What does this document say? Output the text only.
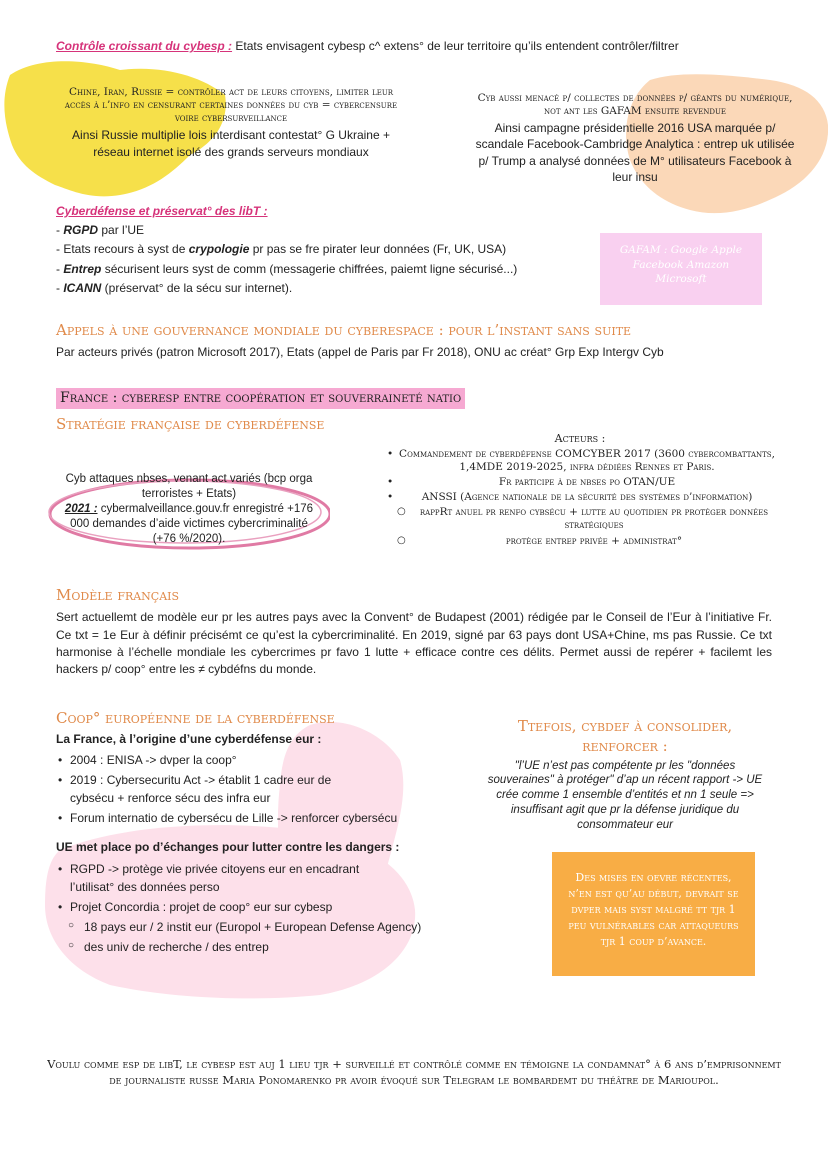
Contrôle croissant du cybesp : Etats envisagent cybesp c^ extens° de leur territoire qu’ils entendent contrôler/filtrer
Chine, Iran, Russie = contrôler act de leurs citoyens, limiter leur accès à l’info en censurant certaines données du cyb = cybercensure voire cybersurveillance
Ainsi Russie multiplie lois interdisant contestat° G Ukraine + réseau internet isolé des grands serveurs mondiaux
Cyb aussi menacé p/ collectes de données p/ géants du numérique, not ant les GAFAM ensuite revendue
Ainsi campagne présidentielle 2016 USA marquée p/ scandale Facebook-Cambridge Analytica : entrep uk utilisée p/ Trump a analysé données de M° utilisateurs Facebook à leur insu
Cyberdéfense et préservat° des libT :
- RGPD par l’UE
- Etats recours à syst de crypologie pr pas se fre pirater leur données (Fr, UK, USA)
- Entrep sécurisent leurs syst de comm (messagerie chiffrées, paiemt ligne sécurisé...)
- ICANN (préservat° de la sécu sur internet).
GAFAM : Google Apple Facebook Amazon Microsoft
Appels à une gouvernance mondiale du cyberespace : pour l’instant sans suite
Par acteurs privés (patron Microsoft 2017), Etats (appel de Paris par Fr 2018), ONU ac créat° Grp Exp Intergv Cyb
France : cyberesp entre coopération et souverraineté natio
Stratégie française de cyberdéfense
Cyb attaques nbses, venant act variés (bcp orga terroristes + Etats)
2021 : cybermalveillance.gouv.fr enregistré +176 000 demandes d’aide victimes cybercriminalité (+76 %/2020).
Acteurs :
• Commandement de cyberdéfense COMCYBER 2017 (3600 cybercombattants, 1,4MDE 2019-2025, infra dédiées Rennes et Paris.
• Fr participe à de nbses po OTAN/UE
• ANSSI (Agence nationale de la sécurité des systèmes d’information)
○ rappRt anuel pr renfo cybsécu + lutte au quotidien pr protéger données stratégiques
○ protège entrep privée + administrat°
Modèle français
Sert actuellemt de modèle eur pr les autres pays avec la Convent° de Budapest (2001) rédigée par le Conseil de l’Eur à l’initiative Fr. Ce txt = 1e Eur à définir précisémt ce qu’est la cybercriminalité. En 2019, signé par 63 pays dont USA+Chine, ms pas Russie. Ce txt harmonise à l’échelle mondiale les cybercrimes pr favo 1 lutte + efficace contre ces délits. Permet aussi de repérer + facilemt les hackers p/ coop° entre les ≠ cybdéfns du monde.
Coop° européenne de la cyberdéfense
La France, à l’origine d’une cyberdéfense eur :
• 2004 : ENISA -> dvper la coop°
• 2019 : Cybersecuritu Act -> établit 1 cadre eur de cybsécu + renforce sécu des infra eur
• Forum internatio de cybersécu de Lille -> renforcer cybersécu
UE met place po d’échanges pour lutter contre les dangers :
• RGPD -> protège vie privée citoyens eur en encadrant l’utilisat° des données perso
• Projet Concordia : projet de coop° eur sur cybesp
○ 18 pays eur / 2 instit eur (Europol + European Defense Agency)
○ des univ de recherche / des entrep
Ttefois, cybdef à consolider, renforcer :
"l’UE n’est pas compétente pr les "données souveraines" à protéger" d’ap un récent rapport -> UE crée comme 1 ensemble d’entités et nn 1 seule => insuffisant agit que pr la défense juridique du consommateur eur
Des mises en oevre récentes, n’en est qu’au début, devrait se dvper mais syst malgré tt tjr 1 peu vulnérables car attaqueurs tjr 1 coup d’avance.
Voulu comme esp de libT, le cybesp est auj 1 lieu tjr + surveillé et contrôlé comme en témoigne la condamnat° à 6 ans d’emprisonnemt de journaliste russe Maria Ponomarenko pr avoir évoqué sur Telegram le bombardemt du théâtre de Marioupol.
